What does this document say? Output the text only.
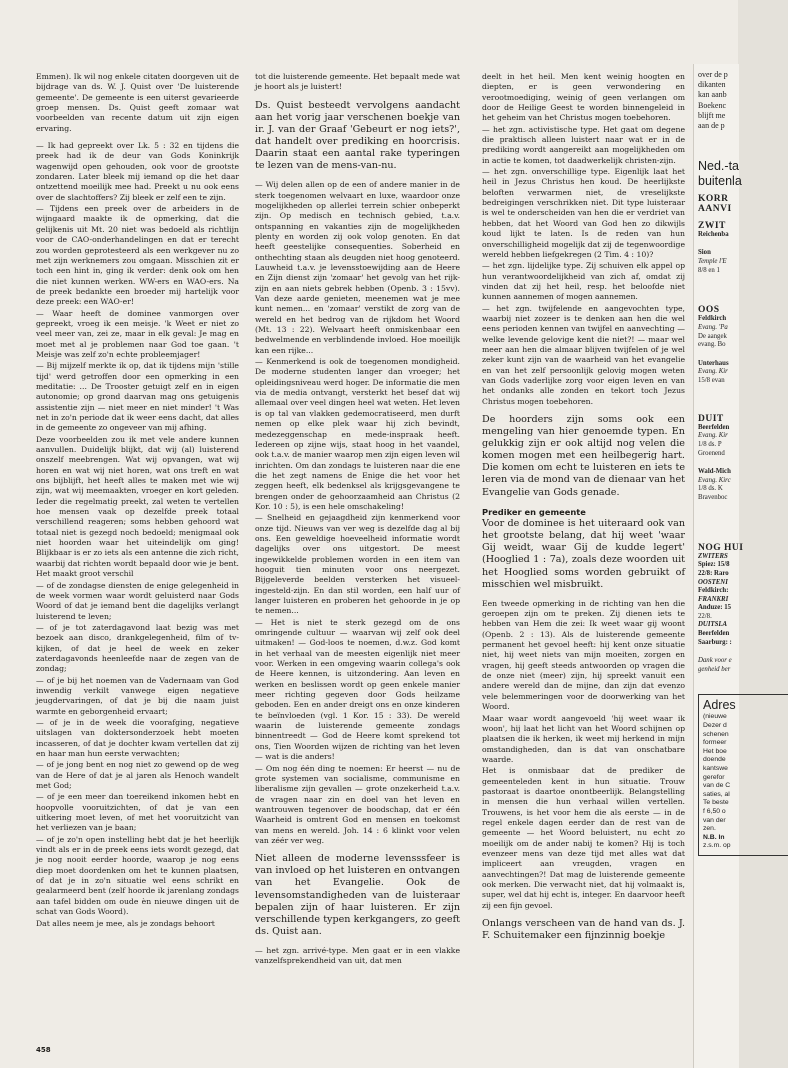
Emmen). Ik wil nog enkele citaten doorgeven uit de bijdrage van ds. W. J. Quist over 'De luisterende gemeente'. De gemeente is een uiterst gevarieerde groep mensen. Ds. Quist geeft zomaar wat voorbeelden van recente datum uit zijn eigen ervaring.

— Ik had gepreekt over Lk. 5 : 32 en tijdens die preek had ik de deur van Gods Koninkrijk wagenwijd open gehouden, ook voor de grootste zondaren. Later bleek mij iemand op die het daar ontzettend moeilijk mee had. Preekt u nu ook eens over de slachtoffers? Zij bleek er zelf een te zijn.

— Tijdens een preek over de arbeiders in de wijngaard maakte ik de opmerking, dat die gelijkenis uit Mt. 20 niet was bedoeld als richtlijn voor de CAO-onderhandelingen en dat er terecht zou worden geprotesteerd als een werkgever nu zo met zijn werknemers zou omgaan. Misschien zit er toch een hint in, ging ik verder: denk ook om hen die niet kunnen werken. WW-ers en WAO-ers. Na de preek bedankte een broeder mij hartelijk voor deze preek: een WAO-er!

— Waar heeft de dominee vanmorgen over gepreekt, vroeg ik een meisje. 'k Weet er niet zo veel meer van, zei ze, maar in elk geval: Je mag en moet met al je problemen naar God toe gaan. 't Meisje was zelf zo'n echte probleemjager!

— Bij mijzelf merkte ik op, dat ik tijdens mijn 'stille tijd' werd getroffen door een opmerking in een meditatie: ... De Trooster getuigt zelf en in eigen autonomie; op grond daarvan mag ons getuigenis assistentie zijn — niet meer en niet minder! 't Was net in zo'n periode dat ik weer eens dacht, dat alles in de gemeente zo ongeveer van mij afhing.

Deze voorbeelden zou ik met vele andere kunnen aanvullen. Duidelijk blijkt, dat wij (al) luisterend onszelf meebrengen. Wat wij opvangen, wat wij horen en wat wij niet horen, wat ons treft en wat ons bijblijft, het heeft alles te maken met wie wij zijn, wat wij meemaakten, vroeger en kort geleden. Ieder die regelmatig preekt, zal weten te vertellen hoe mensen vaak op dezelfde preek totaal verschillend reageren; soms hebben gehoord wat totaal niet is gezegd noch bedoeld; menigmaal ook niet hoorden waar het uiteindelijk om ging! Blijkbaar is er zo iets als een antenne die zich richt, waarbij dat richten wordt bepaald door wie je bent. Het maakt groot verschil

— of de zondagse diensten de enige gelegenheid in de week vormen waar wordt geluisterd naar Gods Woord of dat je iemand bent die dagelijks verlangt luisterend te leven;

— of je tot zaterdagavond laat bezig was met bezoek aan disco, drankgelegenheid, film of tv-kijken, of dat je heel de week en zeker zaterdagavonds heenleefde naar de zegen van de zondag;

— of je bij het noemen van de Vadernaam van God inwendig verkilt vanwege eigen negatieve jeugdervaringen, of dat je bij die naam juist warmte en geborgenheid ervaart;

— of je in de week die voorafging, negatieve uitslagen van doktersonderzoek hebt moeten incasseren, of dat je dochter kwam vertellen dat zij en haar man hun eerste verwachten;

— of je jong bent en nog niet zo gewend op de weg van de Here of dat je al jaren als Henoch wandelt met God;

— of je een meer dan toereikend inkomen hebt en hoopvolle vooruitzichten, of dat je van een uitkering moet leven, of met het vooruitzicht van het verliezen van je baan;

— of je zo'n open instelling hebt dat je het heerlijk vindt als er in de preek eens iets wordt gezegd, dat je nog nooit eerder hoorde, waarop je nog eens diep moet doordenken om het te kunnen plaatsen, of dat je in zo'n situatie wel eens schrikt en gealarmeerd bent (zelf hoorde ik jarenlang zondags aan tafel bidden om oude èn nieuwe dingen uit de schat van Gods Woord).

Dat alles neem je mee, als je zondags behoort

tot die luisterende gemeente. Het bepaalt mede wat je hoort als je luistert!

Ds. Quist besteedt vervolgens aandacht aan het vorig jaar verschenen boekje van ir. J. van der Graaf 'Gebeurt er nog iets?', dat handelt over prediking en hoorcrisis. Daarin staat een aantal rake typeringen te lezen van de mens-van-nu.

— Wij delen allen op de een of andere manier in de sterk toegenomen welvaart en luxe, waardoor onze mogelijkheden op allerlei terrein schier onbeperkt zijn. Op medisch en technisch gebied, t.a.v. ontspanning en vakanties zijn de mogelijkheden plenty en worden zij ook volop genoten. En dat heeft geestelijke consequenties. Soberheid en onthechting staan als deugden niet hoog genoteerd. Lauwheid t.a.v. je levensstoewijding aan de Heere en Zijn dienst zijn 'zomaar' het gevolg van het rijk-zijn en aan niets gebrek hebben (Openb. 3 : 15vv). Van deze aarde genieten, meenemen wat je mee kunt nemen... en 'zomaar' verstikt de zorg van de wereld en het bedrog van de rijkdom het Woord (Mt. 13 : 22). Welvaart heeft onmiskenbaar een bedwelmende en verblindende invloed. Hoe moeilijk kan een rijke...

— Kenmerkend is ook de toegenomen mondigheid. De moderne studenten langer dan vroeger; het opleidingsniveau werd hoger. De informatie die men via de media ontvangt, versterkt het besef dat wij allemaal over veel dingen heel wat weten. Het leven is op tal van vlakken gedemocratiseerd, men durft nemen op elke plek waar hij zich bevindt, medezeggenschap en mede-inspraak heeft. Iedereen op zijne wijs, staat hoog in het vaandel, ook t.a.v. de manier waarop men zijn eigen leven wil inrichten. Om dan zondags te luisteren naar die ene die het zegt namens de Enige die het voor het zeggen heeft, elk bedenksel als krijgsgevangene te brengen onder de gehoorzaamheid aan Christus (2 Kor. 10 : 5), is een hele omschakeling!

— Snelheid en gejaagdheid zijn kenmerkend voor onze tijd. Nieuws van ver weg is dezelfde dag al bij ons. Een geweldige hoeveelheid informatie wordt dagelijks over ons uitgestort. De meest ingewikkelde problemen worden in een item van hooguit tien minuten voor ons neergezet. Bijgeleverde beelden versterken het visueel-ingesteld-zijn. En dan stil worden, een half uur of langer luisteren en proberen het gehoorde in je op te nemen...

— Het is niet te sterk gezegd om de ons omringende cultuur — waarvan wij zelf ook deel uitmaken! — God-loos te noemen, d.w.z. God komt in het verhaal van de meesten eigenlijk niet meer voor. Werken in een omgeving waarin collega's ook de Heere kennen, is uitzondering. Aan leven en werken en beslissen wordt op geen enkele manier meer richting gegeven door Gods heilzame geboden. Een en ander dreigt ons en onze kinderen te beïnvloeden (vgl. 1 Kor. 15 : 33). De wereld waarin de luisterende gemeente zondags binnentreedt — God de Heere komt sprekend tot ons, Tien Woorden wijzen de richting van het leven — wat is die anders!

— Om nog één ding te noemen: Er heerst — nu de grote systemen van socialisme, communisme en liberalisme zijn gevallen — grote onzekerheid t.a.v. de vragen naar zin en doel van het leven en wantrouwen tegenover de boodschap, dat er één Waarheid is omtrent God en mensen en toekomst van mens en wereld. Joh. 14 : 6 klinkt voor velen van zéér ver weg.

Niet alleen de moderne levensssfeer is van invloed op het luisteren en ontvangen van het Evangelie. Ook de levensomstandigheden van de luisteraar bepalen zijn of haar luisteren. Er zijn verschillende typen kerkgangers, zo geeft ds. Quist aan.

— het zgn. arrivé-type. Men gaat er in een vlakke vanzelfsprekendheid van uit, dat men

deelt in het heil. Men kent weinig hoogten en diepten, er is geen verwondering en verootmoediging, weinig of geen verlangen om door de Heilige Geest te worden binnengeleid in het geheim van het Christus mogen toebehoren.

— het zgn. activistische type. Het gaat om degene die praktisch alleen luistert naar wat er in de prediking wordt aangereikt aan mogelijkheden om in actie te komen, tot daadwerkelijk christen-zijn.

— het zgn. onverschillige type. Eigenlijk laat het heil in Jezus Christus hen koud. De heerlijkste beloften verwarmen niet, de vreselijkste bedreigingen verschrikken niet. Dit type luisteraar is wel te onderscheiden van hen die er verdriet van hebben, dat het Woord van God hen zo dikwijls koud lijkt te laten. Is de reden van hun onverschilligheid mogelijk dat zij de tegenwoordige wereld hebben liefgekregen (2 Tim. 4 : 10)?

— het zgn. lijdelijke type. Zij schuiven elk appel op hun verantwoordelijkheid van zich af, omdat zij vinden dat zij het heil, resp. het beloofde niet kunnen aannemen of mogen aannemen.

— het zgn. twijfelende en aangevochten type, waarbij niet zozeer is te denken aan hen die wel eens perioden kennen van twijfel en aanvechting — welke levende gelovige kent die niet?! — maar wel meer aan hen die almaar blijven twijfelen of je wel zeker kunt zijn van de waarheid van het evangelie en van het zelf persoonlijk gelovig mogen weten van Gods vaderlijke zorg voor eigen leven en van het ondanks alle zonden en tekort toch Jezus Christus mogen toebehoren.

De hoorders zijn soms ook een mengeling van hier genoemde typen. En gelukkig zijn er ook altijd nog velen die komen mogen met een heilbegerig hart. Die komen om echt te luisteren en iets te leren via de mond van de dienaar van het Evangelie van Gods genade.

Prediker en gemeente

Voor de dominee is het uiteraard ook van het grootste belang, dat hij weet 'waar Gij weidt, waar Gij de kudde legert' (Hooglied 1 : 7a), zoals deze woorden uit het Hooglied soms worden gebruikt of misschien wel misbruikt.

Een tweede opmerking in de richting van hen die geroepen zijn om te preken. Zij dienen iets te hebben van Hem die zei: Ik weet waar gij woont (Openb. 2 : 13). Als de luisterende gemeente permanent het gevoel heeft: hij kent onze situatie niet, hij weet niets van mijn moeiten, zorgen en vragen, hij geeft steeds antwoorden op vragen die de onze niet (meer) zijn, hij spreekt vanuit een andere wereld dan de mijne, dan zijn dat evenzo vele belemmeringen voor de doorwerking van het Woord.

Maar waar wordt aangevoeld 'hij weet waar ik woon', hij laat het licht van het Woord schijnen op plaatsen die ik herken, ik weet mij herkend in mijn omstandigheden, dan is dat van onschatbare waarde.

Het is onmisbaar dat de prediker de gemeenteleden kent in hun situatie. Trouw pastoraat is daartoe onontbeerlijk. Belangstelling in mensen die hun verhaal willen vertellen. Trouwens, is het voor hem die als eerste — in de regel enkele dagen eerder dan de rest van de gemeente — het Woord beluistert, nu echt zo moeilijk om de ander nabij te komen? Hij is toch evenzeer mens van deze tijd met alles wat dat impliceert aan vreugden, vragen en aanvechtingen?! Dat mag de luisterende gemeente ook merken. Die verwacht niet, dat hij volmaakt is, super, wel dat hij echt is, integer. En daarvoor heeft zij een fijn gevoel.

Onlangs verscheen van de hand van ds. J. F. Schuitemaker een fijnzinnig boekje

458
over de p
dikanten
kan aanb
Boekenc
blijft me
aan de p
Ned.-ta
buitenla
KORR
AANVI
ZWIT
Reichenba
Sion
Temple l'E
8/8 en 1
OOS
Feldkirch
Evang. 'Pa
De aangek
evang. Bo
Unterhaus
Evang. Kir
15/8 evan
DUIT
Beerfelden
Evang. Kir
1/8 ds. P
Groenend
Wald-Mich
Evang. Kirc
1/8 ds. K
Bravenboc
NOG HUI
ZWITERS
Spiez: 15/8
22/8: Raro
OOSTENI
Feldkirch:
FRANKRI
Anduze: 15
22/8.
DUITSLA
Beerfelden
Saarburg: :
Dank voor e
genheid ber
Adres
(nieuwe
Dezer d
schenen
formeer
Het boe
doende
kantswe
gerefor
van de C
saties, al
Te beste
f 6,50 o
van der
zen.
N.B. In
z.s.m. op
